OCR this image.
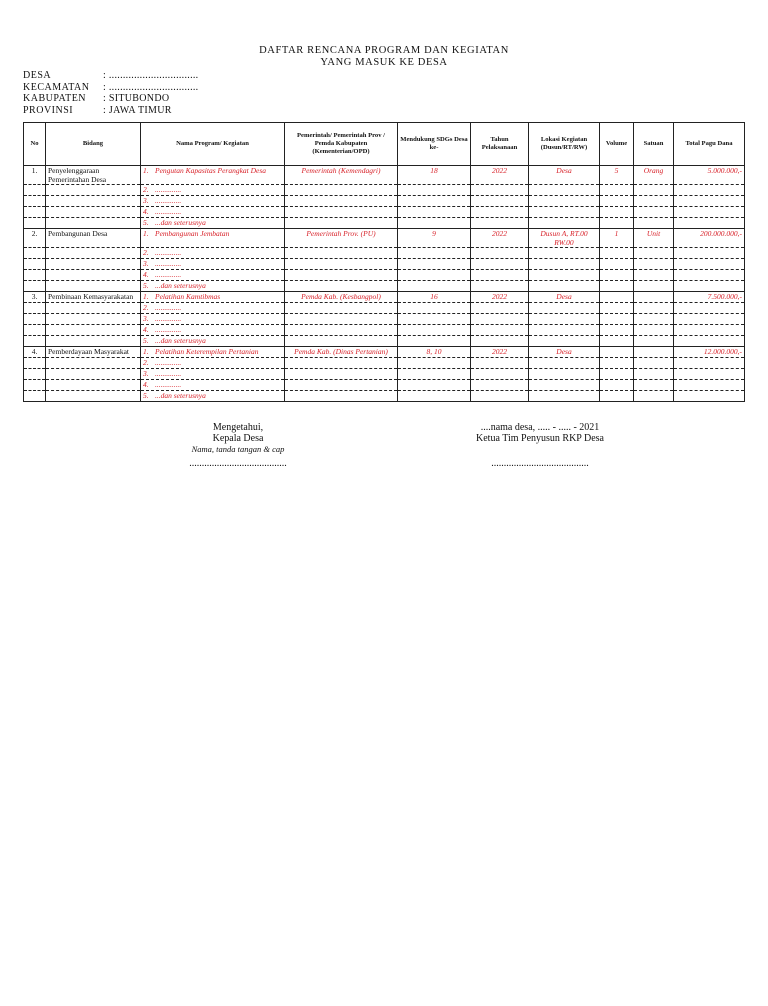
DAFTAR RENCANA PROGRAM DAN KEGIATAN
YANG MASUK KE DESA
DESA	: ................................
KECAMATAN	: ................................
KABUPATEN	: SITUBONDO
PROVINSI	: JAWA TIMUR
No	Bidang	Nama Program/ Kegiatan	Pemerintah/ Pemerintah Prov / Pemda Kabupaten (Kementerian/OPD)	Mendukung SDGs Desa ke-	Tahun Pelaksanaan	Lokasi Kegiatan (Dusun/RT/RW)	Volume	Satuan	Total Pagu Dana
1.	Penyelenggaraan Pemerintahan Desa	1. Pengutan Kapasitas Perangkat Desa	Pemerintah (Kemendagri)	18	2022	Desa	5	Orang	5.000.000,-

		2. ..............							

		3. ..............							

		4. ..............							

		5. ...dan seterusnya							

2.	Pembangunan Desa	1. Pembangunan Jembatan	Pemerintah Prov. (PU)	9	2022	Dusun A, RT.00 RW.00	1	Unit	200.000.000,-

		2. ..............							

		3. ..............							

		4. ..............							

		5. ...dan seterusnya							

3.	Pembinaan Kemasyarakatan	1. Pelatihan Kamtibmas	Pemda Kab. (Kesbangpol)	16	2022	Desa			7.500.000,-

		2. ..............							

		3. ..............							

		4. ..............							

		5. ...dan seterusnya							

4.	Pemberdayaan Masyarakat	1. Pelatihan Keterempilan Pertanian	Pemda Kab. (Dinas Pertanian)	8, 10	2022	Desa			12.000.000,-

		2. ..............							

		3. ..............							

		4. ..............							

		5. ...dan seterusnya							

Mengetahui,
Kepala Desa
Nama, tanda tangan & cap
.......................................
....nama desa, ..... - ..... - 2021
Ketua Tim Penyusun RKP Desa

.......................................
